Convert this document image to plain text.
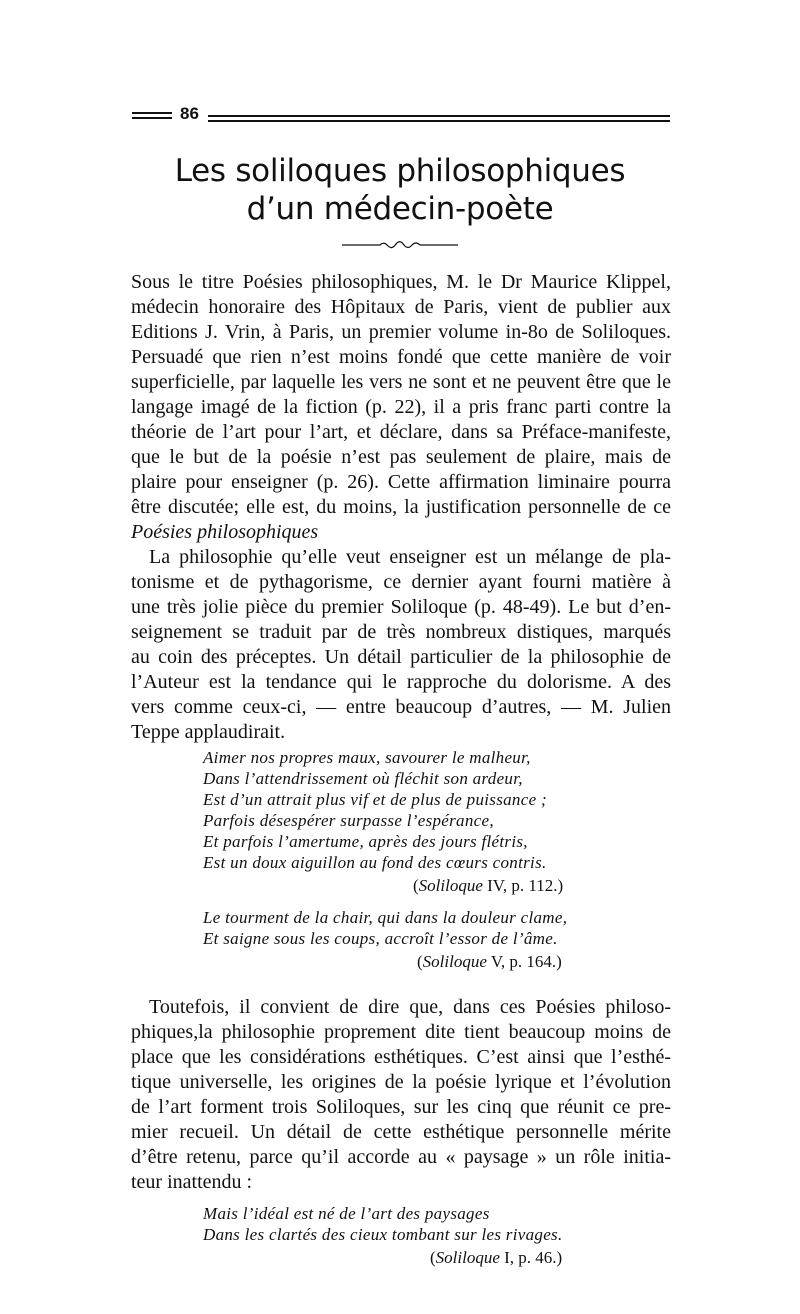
86
Les soliloques philosophiques
d’un médecin-poète
Sous le titre Poésies philosophiques, M. le Dr Maurice Klippel,
médecin honoraire des Hôpitaux de Paris, vient de publier aux
Editions J. Vrin, à Paris, un premier volume in-8o de Soliloques.
Persuadé que rien n’est moins fondé que cette manière de voir
superficielle, par laquelle les vers ne sont et ne peuvent être que le
langage imagé de la fiction (p. 22), il a pris franc parti contre la
théorie de l’art pour l’art, et déclare, dans sa Préface-manifeste,
que le but de la poésie n’est pas seulement de plaire, mais de
plaire pour enseigner (p. 26). Cette affirmation liminaire pourra
être discutée; elle est, du moins, la justification personnelle de ce
Poésies philosophiques
La philosophie qu’elle veut enseigner est un mélange de pla-
tonisme et de pythagorisme, ce dernier ayant fourni matière à
une très jolie pièce du premier Soliloque (p. 48-49). Le but d’en-
seignement se traduit par de très nombreux distiques, marqués
au coin des préceptes. Un détail particulier de la philosophie de
l’Auteur est la tendance qui le rapproche du dolorisme. A des
vers comme ceux-ci, — entre beaucoup d’autres, — M. Julien
Teppe applaudirait.
Aimer nos propres maux, savourer le malheur,
Dans l’attendrissement où fléchit son ardeur,
Est d’un attrait plus vif et de plus de puissance ;
Parfois désespérer surpasse l’espérance,
Et parfois l’amertume, après des jours flétris,
Est un doux aiguillon au fond des cœurs contris.
(Soliloque IV, p. 112.)
Le tourment de la chair, qui dans la douleur clame,
Et saigne sous les coups, accroît l’essor de l’âme.
(Soliloque V, p. 164.)
Toutefois, il convient de dire que, dans ces Poésies philoso-
phiques,la philosophie proprement dite tient beaucoup moins de
place que les considérations esthétiques. C’est ainsi que l’esthé-
tique universelle, les origines de la poésie lyrique et l’évolution
de l’art forment trois Soliloques, sur les cinq que réunit ce pre-
mier recueil. Un détail de cette esthétique personnelle mérite
d’être retenu, parce qu’il accorde au « paysage » un rôle initia-
teur inattendu :
Mais l’idéal est né de l’art des paysages
Dans les clartés des cieux tombant sur les rivages.
(Soliloque I, p. 46.)
